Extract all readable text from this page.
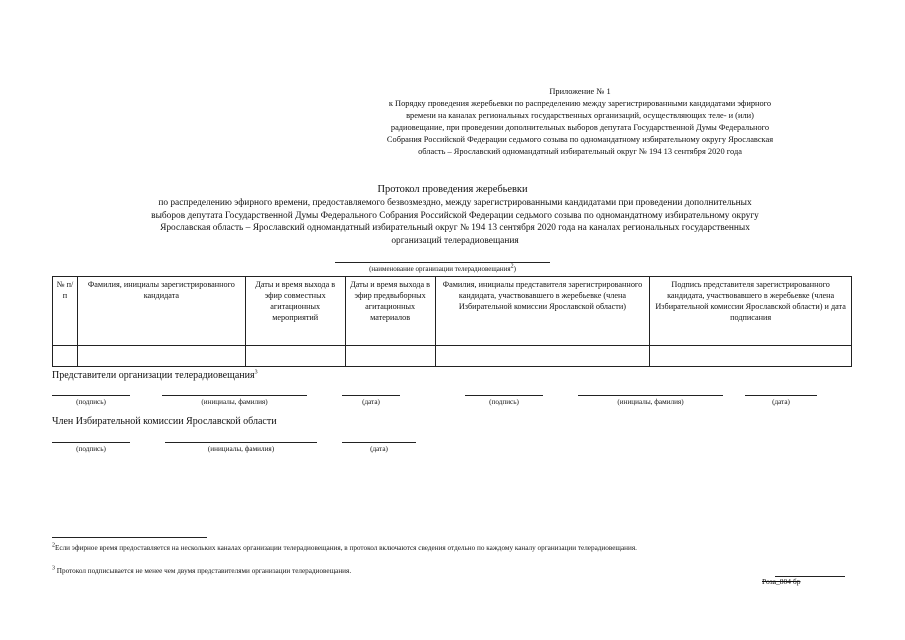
Приложение № 1
к Порядку проведения жеребьевки по распределению между зарегистрированными кандидатами эфирного
времени на каналах региональных государственных организаций, осуществляющих теле- и (или)
радиовещание, при проведении дополнительных выборов депутата Государственной Думы Федерального
Собрания Российской Федерации седьмого созыва по одномандатному избирательному округу Ярославская
область – Ярославский одномандатный избирательный округ № 194 13 сентября 2020 года
Протокол проведения жеребьевки
по распределению эфирного времени, предоставляемого безвозмездно, между зарегистрированными кандидатами при проведении дополнительных
выборов депутата Государственной Думы Федерального Собрания Российской Федерации седьмого созыва по одномандатному избирательному округу
Ярославская область – Ярославский одномандатный избирательный округ № 194 13 сентября 2020 года на каналах региональных государственных
организаций телерадиовещания
(наименование организации телерадиовещания2)
№ п/п	Фамилия, инициалы зарегистрированного кандидата	Даты и время выхода в эфир совместных агитационных мероприятий	Даты и время выхода в эфир предвыборных агитационных материалов	Фамилия, инициалы представителя зарегистрированного кандидата, участвовавшего в жеребьевке (члена Избирательной комиссии Ярославской области)	Подпись представителя зарегистрированного кандидата, участвовавшего в жеребьевке (члена Избирательной комиссии Ярославской области) и дата подписания

Представители организации телерадиовещания$^3$
(подпись)	(инициалы, фамилия)	(дата)	(подпись)	(инициалы, фамилия)	(дата)
Член Избирательной комиссии Ярославской области
(подпись)	(инициалы, фамилия)	(дата)
$^2$Если эфирное время предоставляется на нескольких каналах организации телерадиовещания, в протокол включаются сведения отдельно по каждому каналу организации телерадиовещания.
$^3$ Протокол подписывается не менее чем двумя представителями организации телерадиовещания.
Роза_804 бр
